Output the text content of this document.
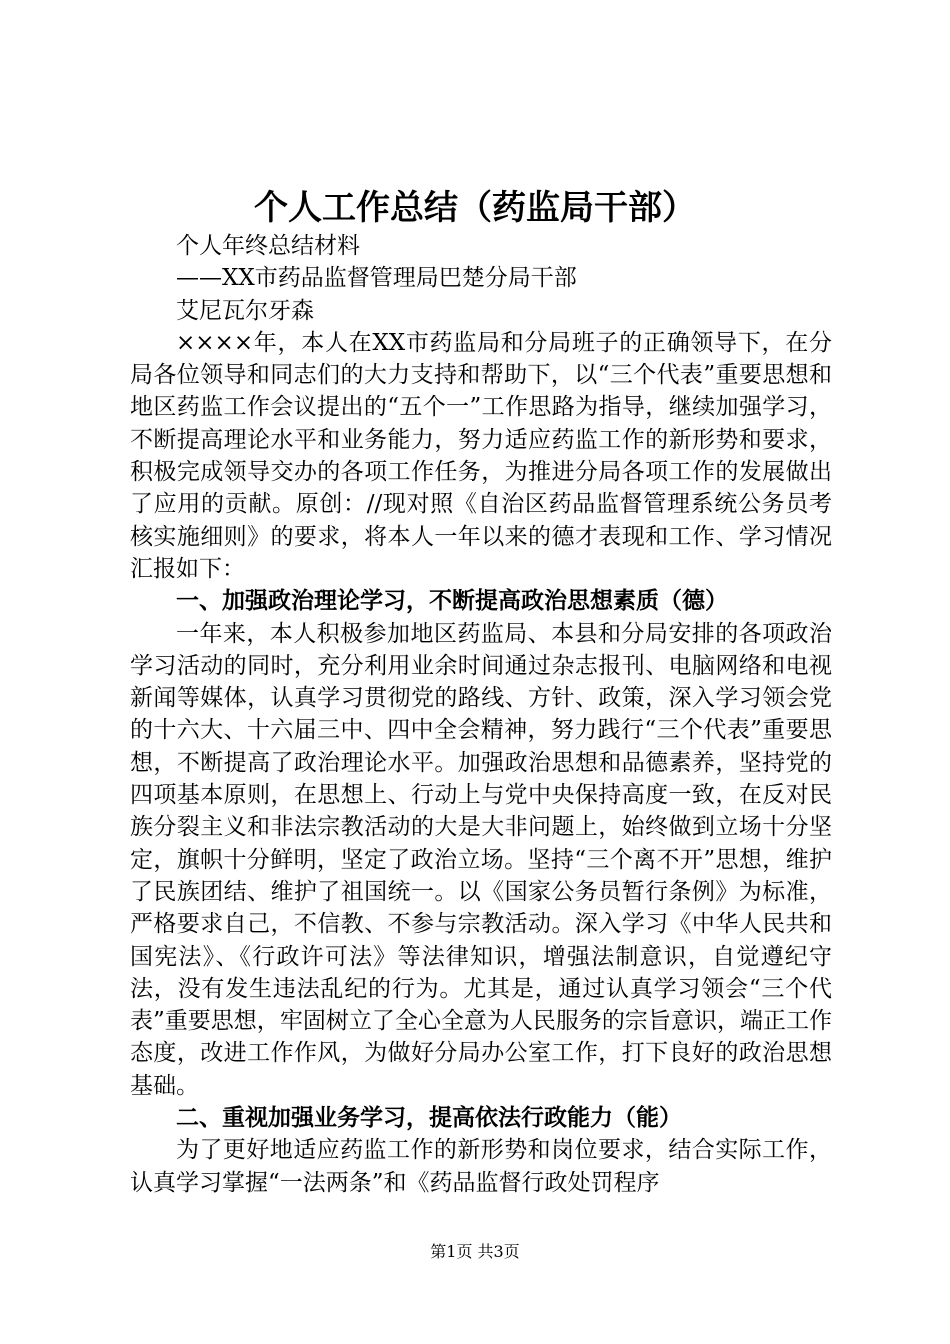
个人工作总结（药监局干部）

个人年终总结材料

——XX市药品监督管理局巴楚分局干部

艾尼瓦尔牙森

××××年，本人在XX市药监局和分局班子的正确领导下，在分局各位领导和同志们的大力支持和帮助下，以“三个代表”重要思想和地区药监工作会议提出的“五个一”工作思路为指导，继续加强学习，不断提高理论水平和业务能力，努力适应药监工作的新形势和要求，积极完成领导交办的各项工作任务，为推进分局各项工作的发展做出了应用的贡献。原创：//现对照《自治区药品监督管理系统公务员考核实施细则》的要求，将本人一年以来的德才表现和工作、学习情况汇报如下：

一、加强政治理论学习，不断提高政治思想素质（德）

一年来，本人积极参加地区药监局、本县和分局安排的各项政治学习活动的同时，充分利用业余时间通过杂志报刊、电脑网络和电视新闻等媒体，认真学习贯彻党的路线、方针、政策，深入学习领会党的十六大、十六届三中、四中全会精神，努力践行“三个代表”重要思想，不断提高了政治理论水平。加强政治思想和品德素养，坚持党的四项基本原则，在思想上、行动上与党中央保持高度一致，在反对民族分裂主义和非法宗教活动的大是大非问题上，始终做到立场十分坚定，旗帜十分鲜明，坚定了政治立场。坚持“三个离不开”思想，维护了民族团结、维护了祖国统一。以《国家公务员暂行条例》为标准，严格要求自己，不信教、不参与宗教活动。深入学习《中华人民共和国宪法》、《行政许可法》等法律知识，增强法制意识，自觉遵纪守法，没有发生违法乱纪的行为。尤其是，通过认真学习领会“三个代表”重要思想，牢固树立了全心全意为人民服务的宗旨意识，端正工作态度，改进工作作风，为做好分局办公室工作，打下良好的政治思想基础。

二、重视加强业务学习，提高依法行政能力（能）

为了更好地适应药监工作的新形势和岗位要求，结合实际工作，认真学习掌握“一法两条”和《药品监督行政处罚程序

第1页 共3页
